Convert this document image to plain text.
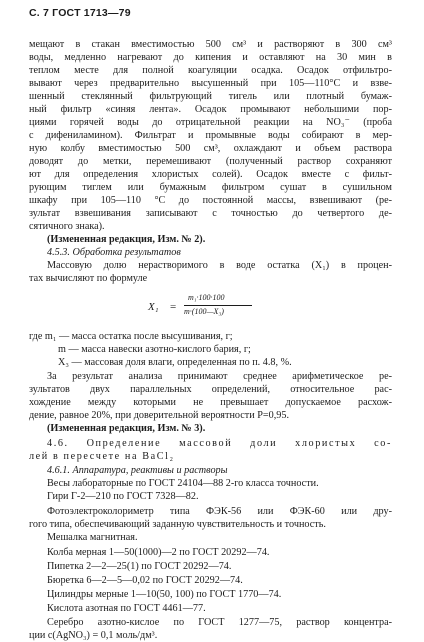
С. 7 ГОСТ 1713—79
мещают в стакан вместимостью 500 см³ и растворяют в 300 см³
воды, медленно нагревают до кипения и оставляют на 30 мин в
теплом месте для полной коагуляции осадка. Осадок отфильтро-
вывают через предварительно высушенный при 105—110°С и взве-
шенный стеклянный фильтрующий тигель или плотный бумаж-
ный фильтр «синяя лента». Осадок промывают небольшими пор-
циями горячей воды до отрицательной реакции на NO₃⁻ (проба
с дифениламином). Фильтрат и промывные воды собирают в мер-
ную колбу вместимостью 500 см³, охлаждают и объем раствора
доводят до метки, перемешивают (полученный раствор сохраняют
ют для определения хлористых солей). Осадок вместе с фильт-
рующим тиглем или бумажным фильтром сушат в сушильном
шкафу при 105—110 °С до постоянной массы, взвешивают (ре-
зультат взвешивания записывают с точностью до четвертого де-
сятичного знака).
(Измененная редакция, Изм. № 2).
4.5.3. Обработка результатов
Массовую долю нерастворимого в воде остатка (X₁) в процен-
тах вычисляют по формуле
X₁ =
m₁·100·100
m·(100—X₃)
где m₁ — масса остатка после высушивания, г;
m — масса навески азотно-кислого бария, г;
X₃ — массовая доля влаги, определенная по п. 4.8, %.
За результат анализа принимают среднее арифметическое ре-
зультатов двух параллельных определений, относительное рас-
хождение между которыми не превышает допускаемое расхож-
дение, равное 20%, при доверительной вероятности P=0,95.
(Измененная редакция, Изм. № 3).
4.6. Определение массовой доли хлористых со-
лей в пересчете на BaCl₂
4.6.1. Аппаратура, реактивы и растворы
Весы лабораторные по ГОСТ 24104—88 2-го класса точности.
Гири Г-2—210 по ГОСТ 7328—82.
Фотоэлектроколориметр типа ФЭК-56 или ФЭК-60 или дру-
гого типа, обеспечивающий заданную чувствительность и точность.
Мешалка магнитная.
Колба мерная 1—50(1000)—2 по ГОСТ 20292—74.
Пипетка 2—2—25(1) по ГОСТ 20292—74.
Бюретка 6—2—5—0,02 по ГОСТ 20292—74.
Цилиндры мерные 1—10(50, 100) по ГОСТ 1770—74.
Кислота азотная по ГОСТ 4461—77.
Серебро азотно-кислое по ГОСТ 1277—75, раствор концентра-
ции с(AgNO₃) = 0,1 моль/дм³.
